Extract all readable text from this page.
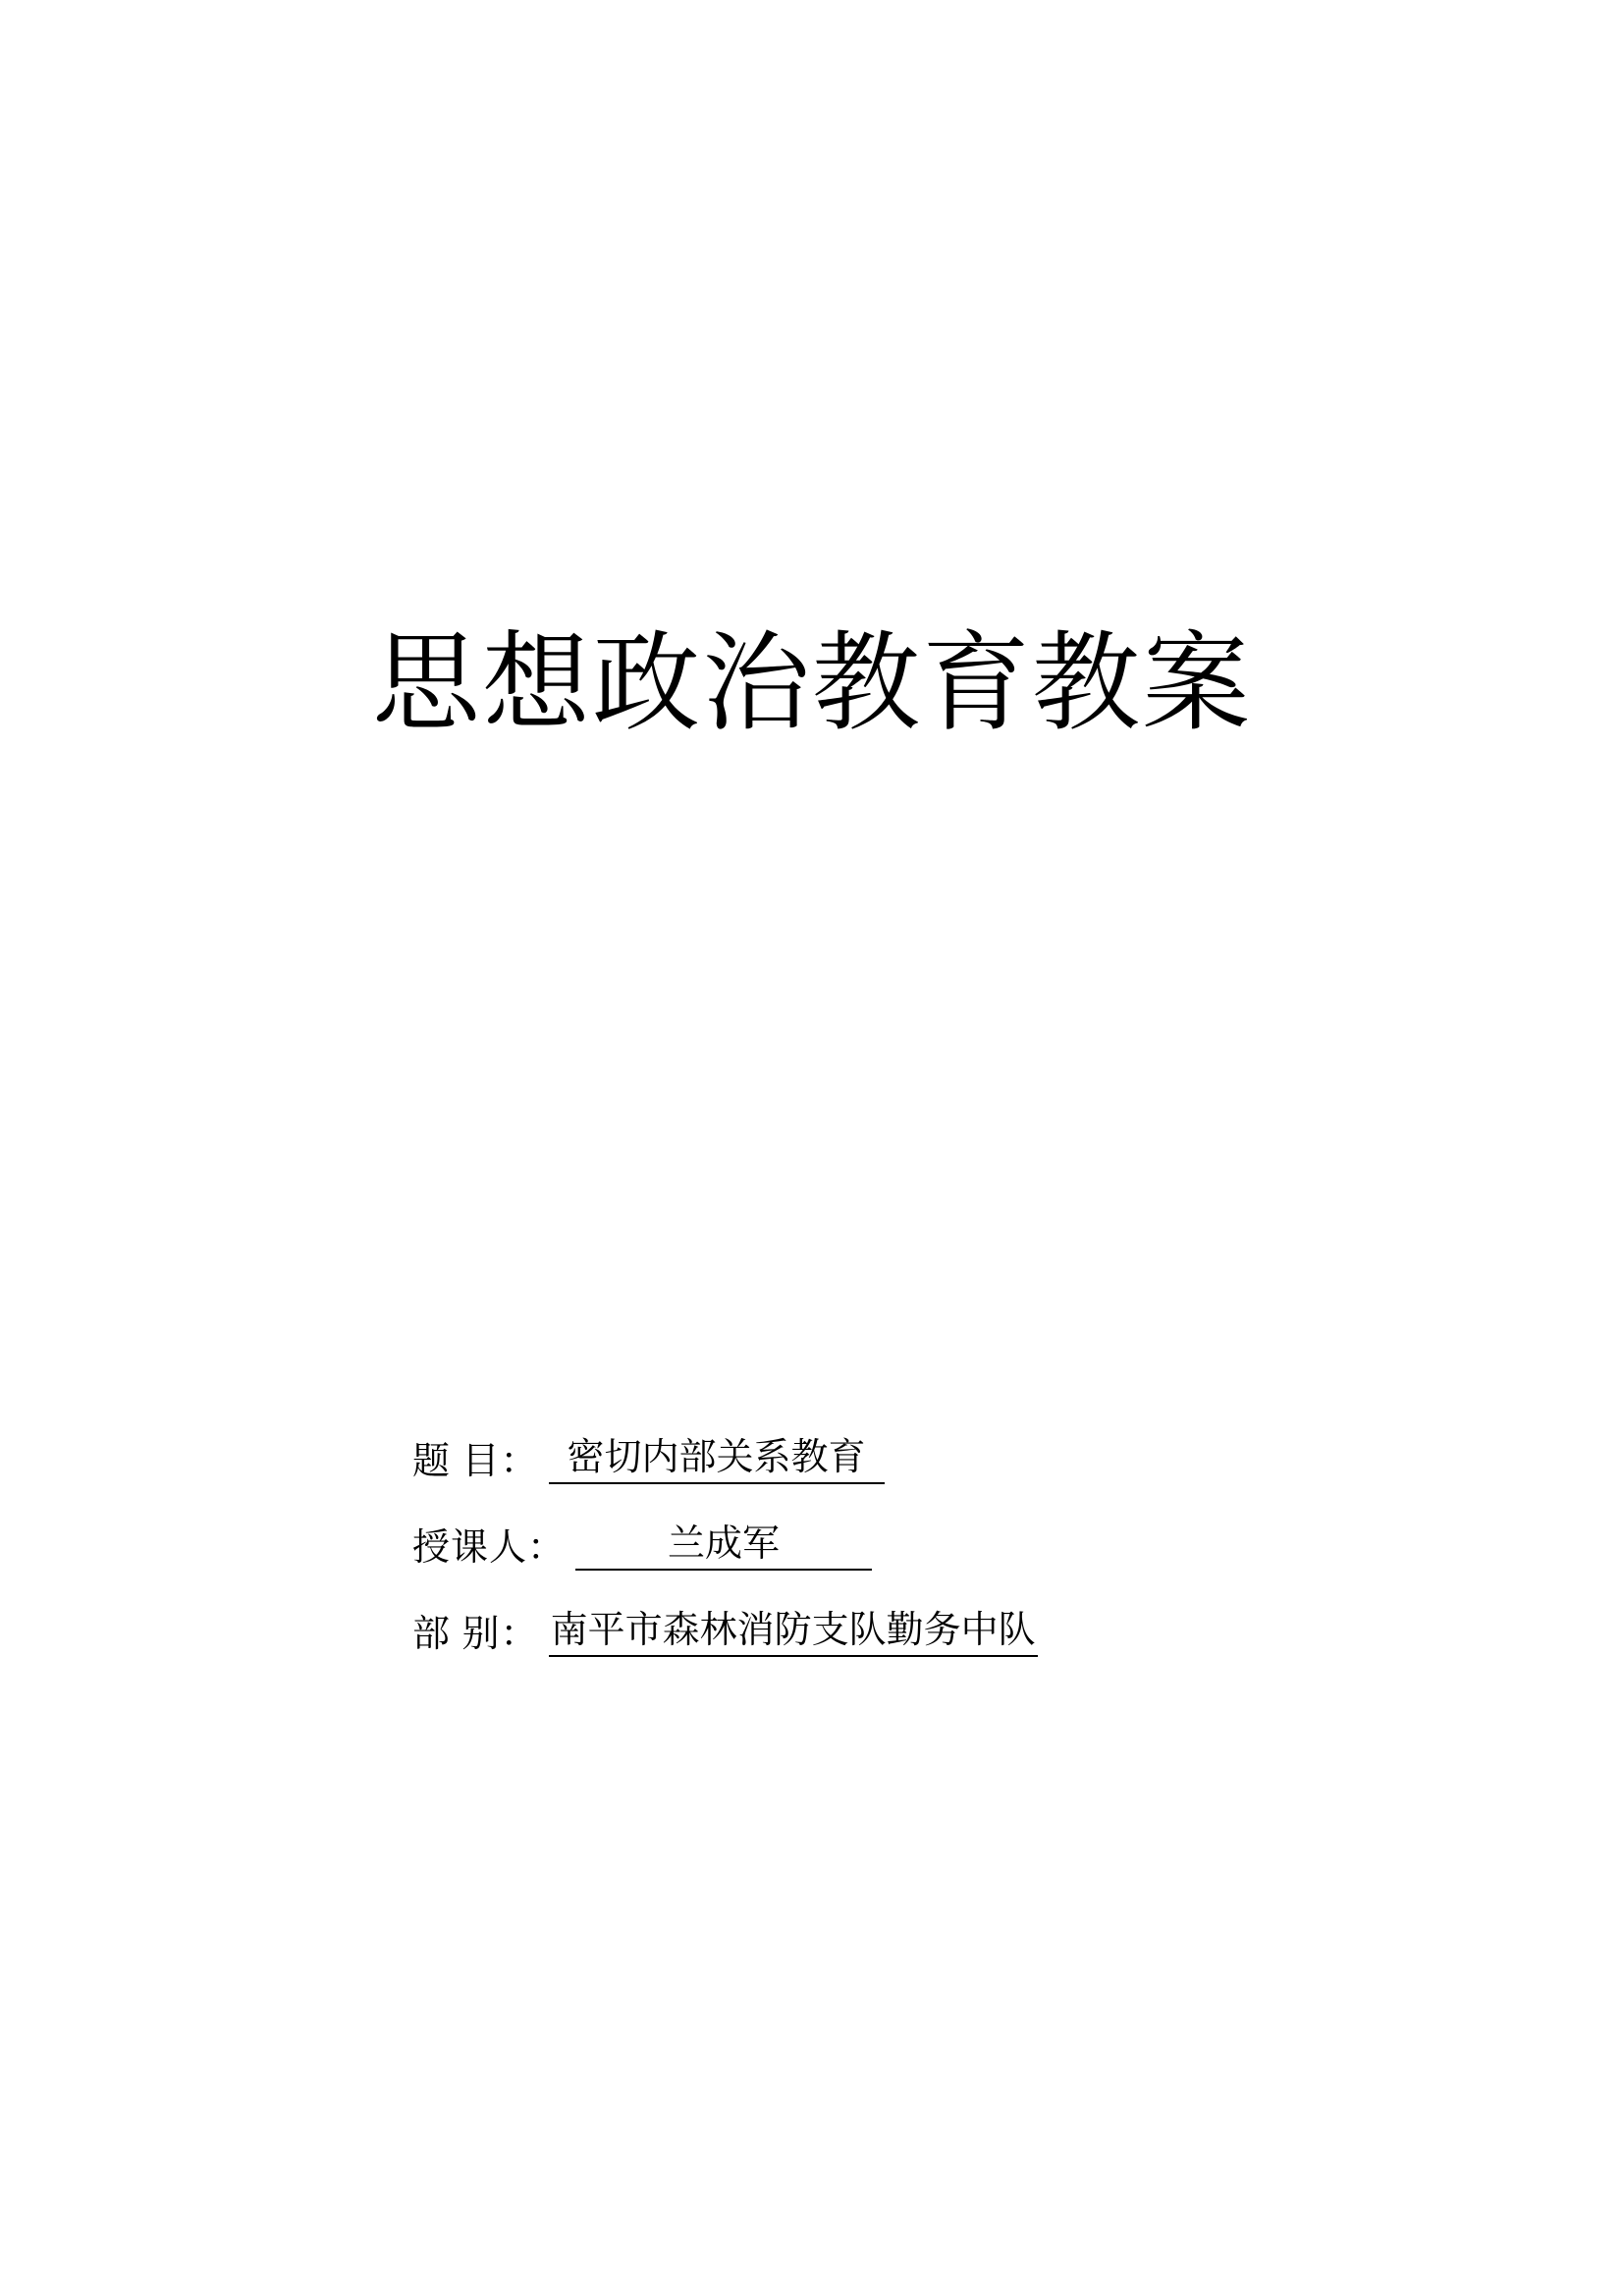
思想政治教育教案
题 目： 密切内部关系教育
授课人：	兰成军
部 别： 南平市森林消防支队勤务中队
